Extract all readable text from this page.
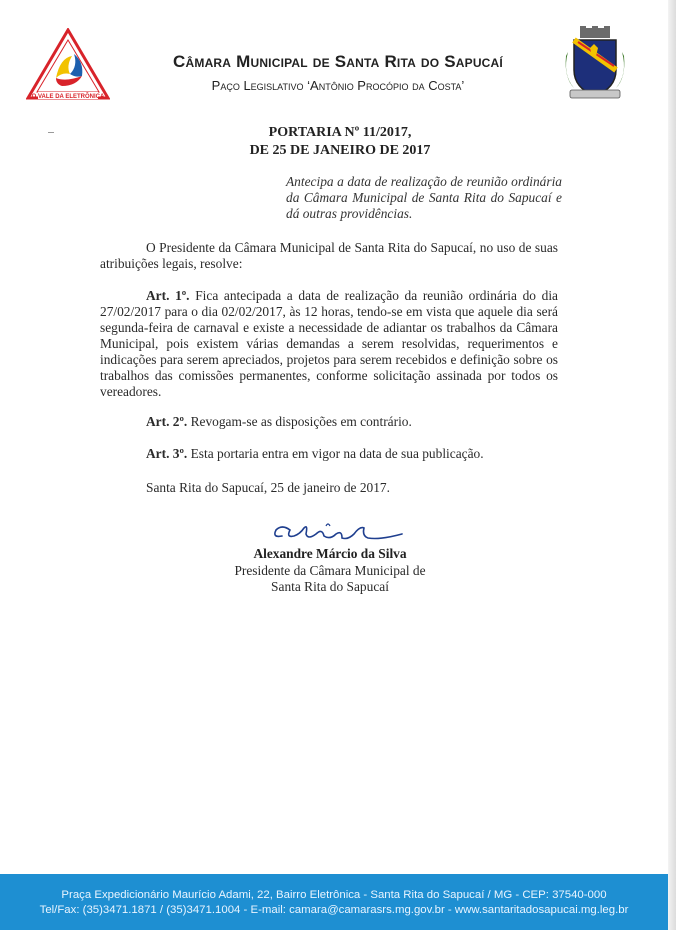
O VALE DA ELETRÔNICA
Câmara Municipal de Santa Rita do Sapucaí
Paço Legislativo ‘Antônio Procópio da Costa’
PORTARIA Nº 11/2017,
DE 25 DE JANEIRO DE 2017
Antecipa a data de realização de reunião ordinária da Câmara Municipal de Santa Rita do Sapucaí e dá outras providências.
O Presidente da Câmara Municipal de Santa Rita do Sapucaí, no uso de suas atribuições legais, resolve:
Art. 1º. Fica antecipada a data de realização da reunião ordinária do dia 27/02/2017 para o dia 02/02/2017, às 12 horas, tendo-se em vista que aquele dia será segunda-feira de carnaval e existe a necessidade de adiantar os trabalhos da Câmara Municipal, pois existem várias demandas a serem resolvidas, requerimentos e indicações para serem apreciados, projetos para serem recebidos e definição sobre os trabalhos das comissões permanentes, conforme solicitação assinada por todos os vereadores.
Art. 2º. Revogam-se as disposições em contrário.
Art. 3º. Esta portaria entra em vigor na data de sua publicação.
Santa Rita do Sapucaí, 25 de janeiro de 2017.
Alexandre Márcio da Silva
Presidente da Câmara Municipal de
Santa Rita do Sapucaí
Praça Expedicionário Maurício Adami, 22, Bairro Eletrônica - Santa Rita do Sapucaí / MG - CEP: 37540-000
Tel/Fax: (35)3471.1871 / (35)3471.1004 - E-mail: camara@camarasrs.mg.gov.br - www.santaritadosapucai.mg.leg.br
